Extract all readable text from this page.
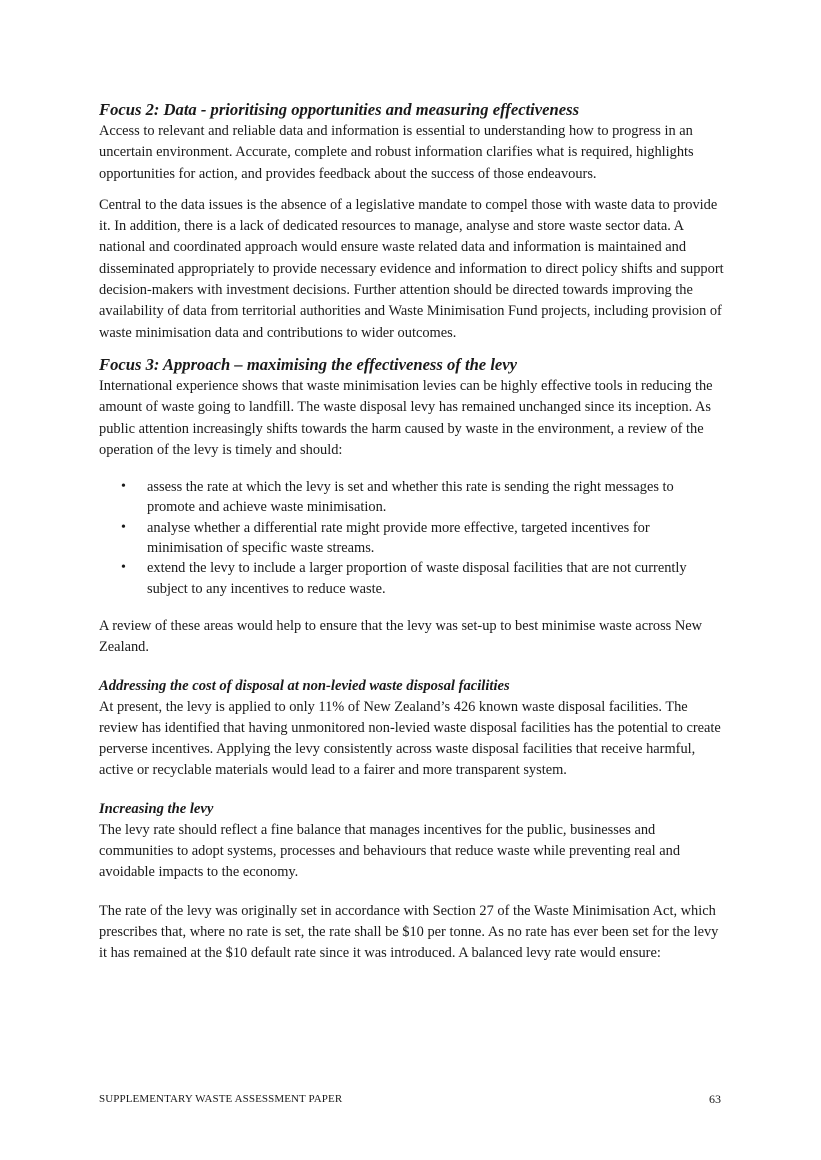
Focus 2: Data - prioritising opportunities and measuring effectiveness

Access to relevant and reliable data and information is essential to understanding how to progress in an uncertain environment. Accurate, complete and robust information clarifies what is required, highlights opportunities for action, and provides feedback about the success of those endeavours.

Central to the data issues is the absence of a legislative mandate to compel those with waste data to provide it. In addition, there is a lack of dedicated resources to manage, analyse and store waste sector data. A national and coordinated approach would ensure waste related data and information is maintained and disseminated appropriately to provide necessary evidence and information to direct policy shifts and support decision-makers with investment decisions. Further attention should be directed towards improving the availability of data from territorial authorities and Waste Minimisation Fund projects, including provision of waste minimisation data and contributions to wider outcomes.

Focus 3: Approach – maximising the effectiveness of the levy

International experience shows that waste minimisation levies can be highly effective tools in reducing the amount of waste going to landfill. The waste disposal levy has remained unchanged since its inception. As public attention increasingly shifts towards the harm caused by waste in the environment, a review of the operation of the levy is timely and should:

• assess the rate at which the levy is set and whether this rate is sending the right messages to promote and achieve waste minimisation.
• analyse whether a differential rate might provide more effective, targeted incentives for minimisation of specific waste streams.
• extend the levy to include a larger proportion of waste disposal facilities that are not currently subject to any incentives to reduce waste.

A review of these areas would help to ensure that the levy was set-up to best minimise waste across New Zealand.

Addressing the cost of disposal at non-levied waste disposal facilities

At present, the levy is applied to only 11% of New Zealand’s 426 known waste disposal facilities. The review has identified that having unmonitored non-levied waste disposal facilities has the potential to create perverse incentives. Applying the levy consistently across waste disposal facilities that receive harmful, active or recyclable materials would lead to a fairer and more transparent system.

Increasing the levy

The levy rate should reflect a fine balance that manages incentives for the public, businesses and communities to adopt systems, processes and behaviours that reduce waste while preventing real and avoidable impacts to the economy.

The rate of the levy was originally set in accordance with Section 27 of the Waste Minimisation Act, which prescribes that, where no rate is set, the rate shall be $10 per tonne. As no rate has ever been set for the levy it has remained at the $10 default rate since it was introduced. A balanced levy rate would ensure:

SUPPLEMENTARY WASTE ASSESSMENT PAPER	63
